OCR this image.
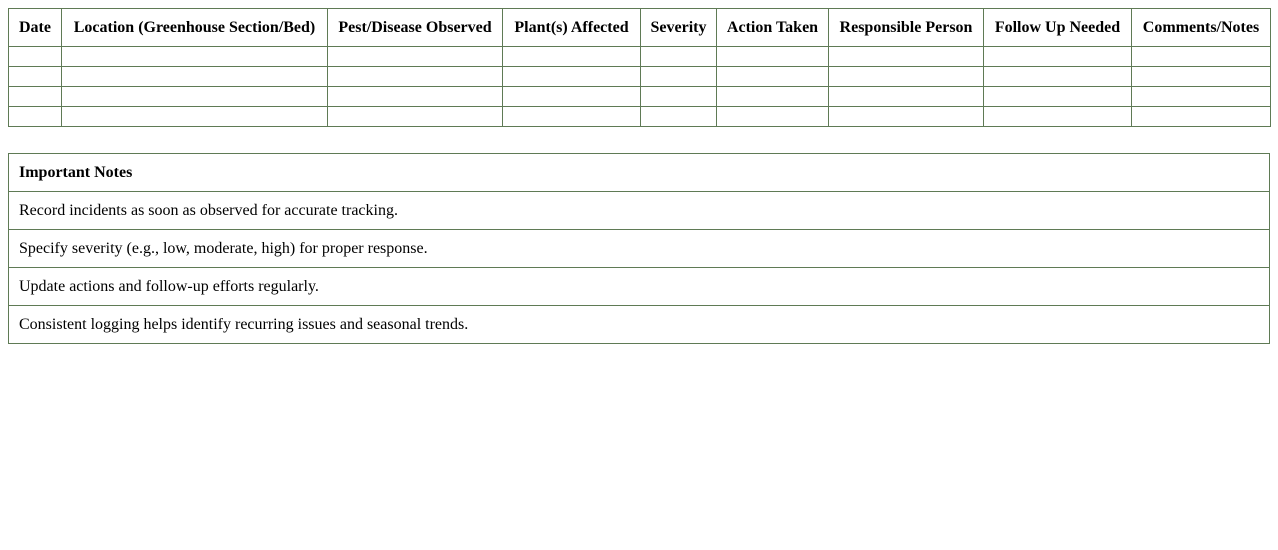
Date	Location (Greenhouse Section/Bed)	Pest/Disease Observed	Plant(s) Affected	Severity	Action Taken	Responsible Person	Follow Up Needed	Comments/Notes

Important Notes
Record incidents as soon as observed for accurate tracking.
Specify severity (e.g., low, moderate, high) for proper response.
Update actions and follow-up efforts regularly.
Consistent logging helps identify recurring issues and seasonal trends.
